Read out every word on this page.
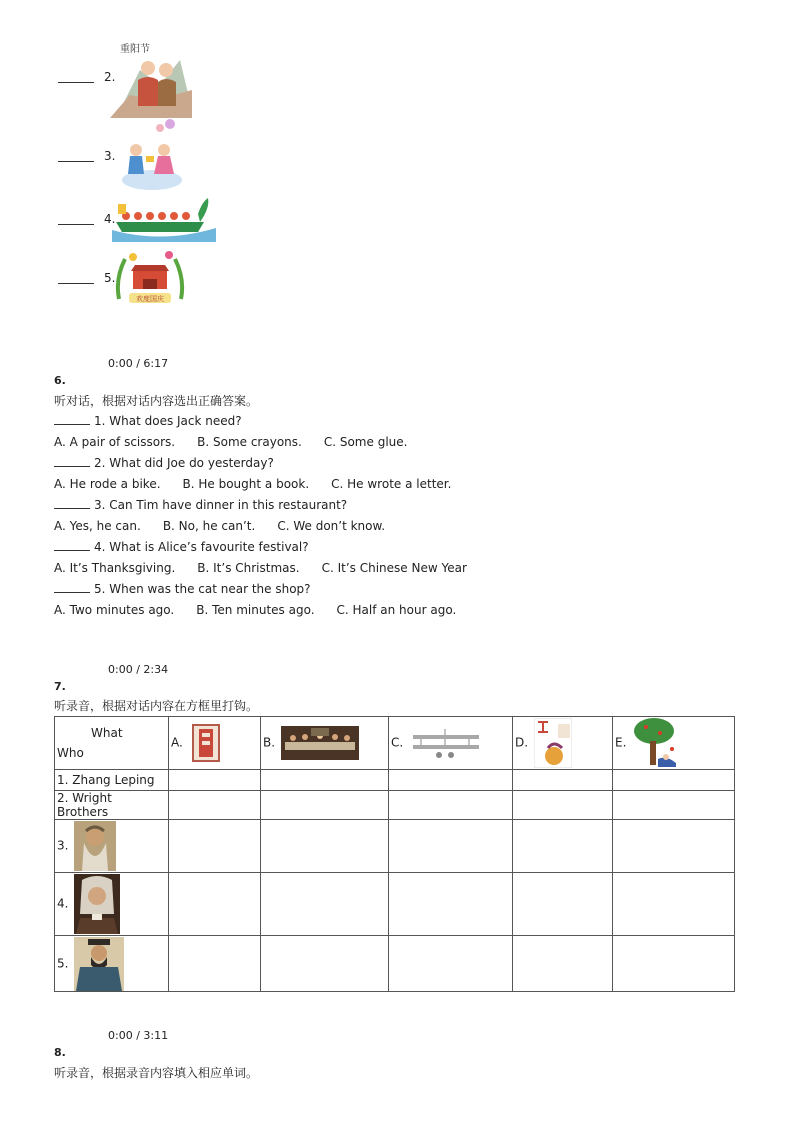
2.
重阳节
3.
4.
5.
欢度国庆
0:00 / 6:17
6.
听对话，根据对话内容选出正确答案。
1. What does Jack need?
A. A pair of scissors. B. Some crayons. C. Some glue.
2. What did Joe do yesterday?
A. He rode a bike. B. He bought a book. C. He wrote a letter.
3. Can Tim have dinner in this restaurant?
A. Yes, he can. B. No, he can’t. C. We don’t know.
4. What is Alice’s favourite festival?
A. It’s Thanksgiving. B. It’s Christmas. C. It’s Chinese New Year
5. When was the cat near the shop?
A. Two minutes ago. B. Ten minutes ago. C. Half an hour ago.
0:00 / 2:34
7.
听录音，根据对话内容在方框里打钩。
What
Who	A.	B.	C.	D.	E.
1. Zhang Leping					
2. Wright Brothers					
3.					
4.					
5.					
0:00 / 3:11
8.
听录音，根据录音内容填入相应单词。
